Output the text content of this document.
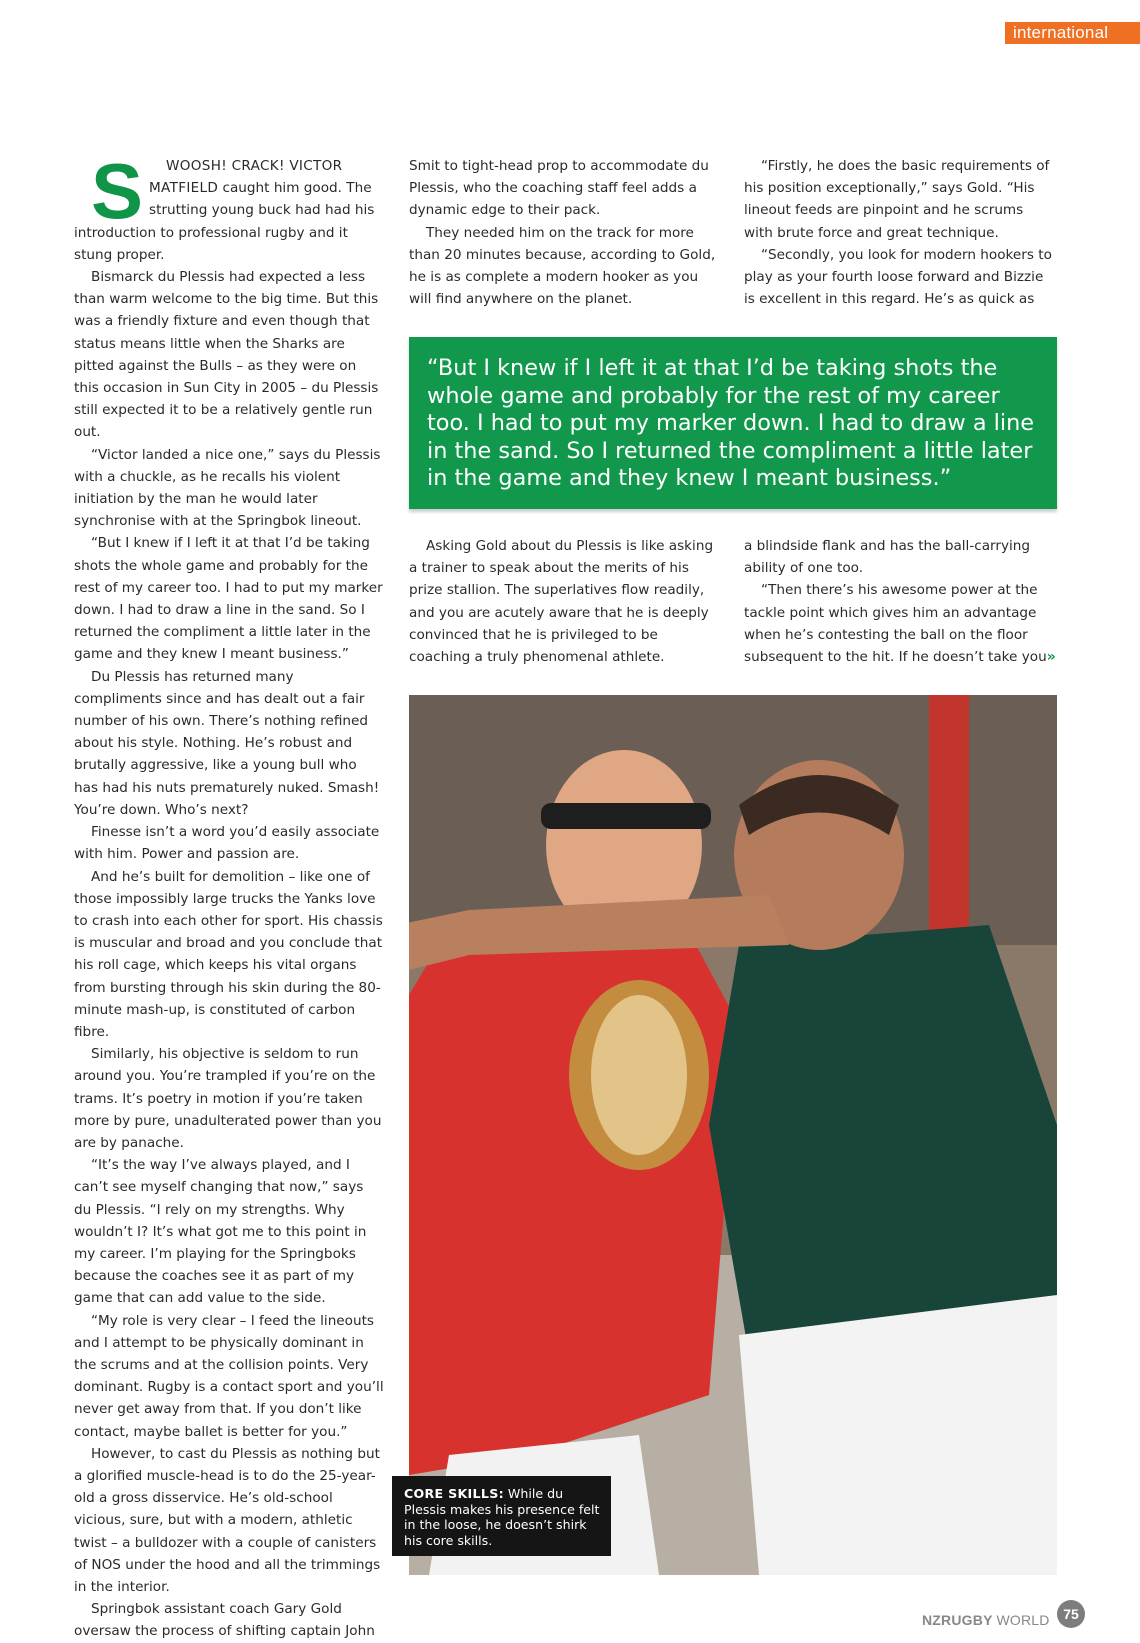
international

S WOOSH! CRACK! VICTOR MATFIELD caught him good. The strutting young buck had had his introduction to professional rugby and it stung proper.

Bismarck du Plessis had expected a less than warm welcome to the big time. But this was a friendly fixture and even though that status means little when the Sharks are pitted against the Bulls – as they were on this occasion in Sun City in 2005 – du Plessis still expected it to be a relatively gentle run out.

“Victor landed a nice one,” says du Plessis with a chuckle, as he recalls his violent initiation by the man he would later synchronise with at the Springbok lineout.

“But I knew if I left it at that I’d be taking shots the whole game and probably for the rest of my career too. I had to put my marker down. I had to draw a line in the sand. So I returned the compliment a little later in the game and they knew I meant business.”

Du Plessis has returned many compliments since and has dealt out a fair number of his own. There’s nothing refined about his style. Nothing. He’s robust and brutally aggressive, like a young bull who has had his nuts prematurely nuked. Smash! You’re down. Who’s next?

Finesse isn’t a word you’d easily associate with him. Power and passion are.

And he’s built for demolition – like one of those impossibly large trucks the Yanks love to crash into each other for sport. His chassis is muscular and broad and you conclude that his roll cage, which keeps his vital organs from bursting through his skin during the 80-minute mash-up, is constituted of carbon fibre.

Similarly, his objective is seldom to run around you. You’re trampled if you’re on the trams. It’s poetry in motion if you’re taken more by pure, unadulterated power than you are by panache.

“It’s the way I’ve always played, and I can’t see myself changing that now,” says du Plessis. “I rely on my strengths. Why wouldn’t I? It’s what got me to this point in my career. I’m playing for the Springboks because the coaches see it as part of my game that can add value to the side.

“My role is very clear – I feed the lineouts and I attempt to be physically dominant in the scrums and at the collision points. Very dominant. Rugby is a contact sport and you’ll never get away from that. If you don’t like contact, maybe ballet is better for you.”

However, to cast du Plessis as nothing but a glorified muscle-head is to do the 25-year-old a gross disservice. He’s old-school vicious, sure, but with a modern, athletic twist – a bulldozer with a couple of canisters of NOS under the hood and all the trimmings in the interior.

Springbok assistant coach Gary Gold oversaw the process of shifting captain John

Smit to tight-head prop to accommodate du Plessis, who the coaching staff feel adds a dynamic edge to their pack.

They needed him on the track for more than 20 minutes because, according to Gold, he is as complete a modern hooker as you will find anywhere on the planet.

“Firstly, he does the basic requirements of his position exceptionally,” says Gold. “His lineout feeds are pinpoint and he scrums with brute force and great technique.

“Secondly, you look for modern hookers to play as your fourth loose forward and Bizzie is excellent in this regard. He’s as quick as

“But I knew if I left it at that I’d be taking shots the whole game and probably for the rest of my career too. I had to put my marker down. I had to draw a line in the sand. So I returned the compliment a little later in the game and they knew I meant business.”

Asking Gold about du Plessis is like asking a trainer to speak about the merits of his prize stallion. The superlatives flow readily, and you are acutely aware that he is deeply convinced that he is privileged to be coaching a truly phenomenal athlete.

a blindside flank and has the ball-carrying ability of one too.

“Then there’s his awesome power at the tackle point which gives him an advantage when he’s contesting the ball on the floor subsequent to the hit. If he doesn’t take you»

CORE SKILLS: While du Plessis makes his presence felt in the loose, he doesn’t shirk his core skills.
NZRUGBY WORLD 75
